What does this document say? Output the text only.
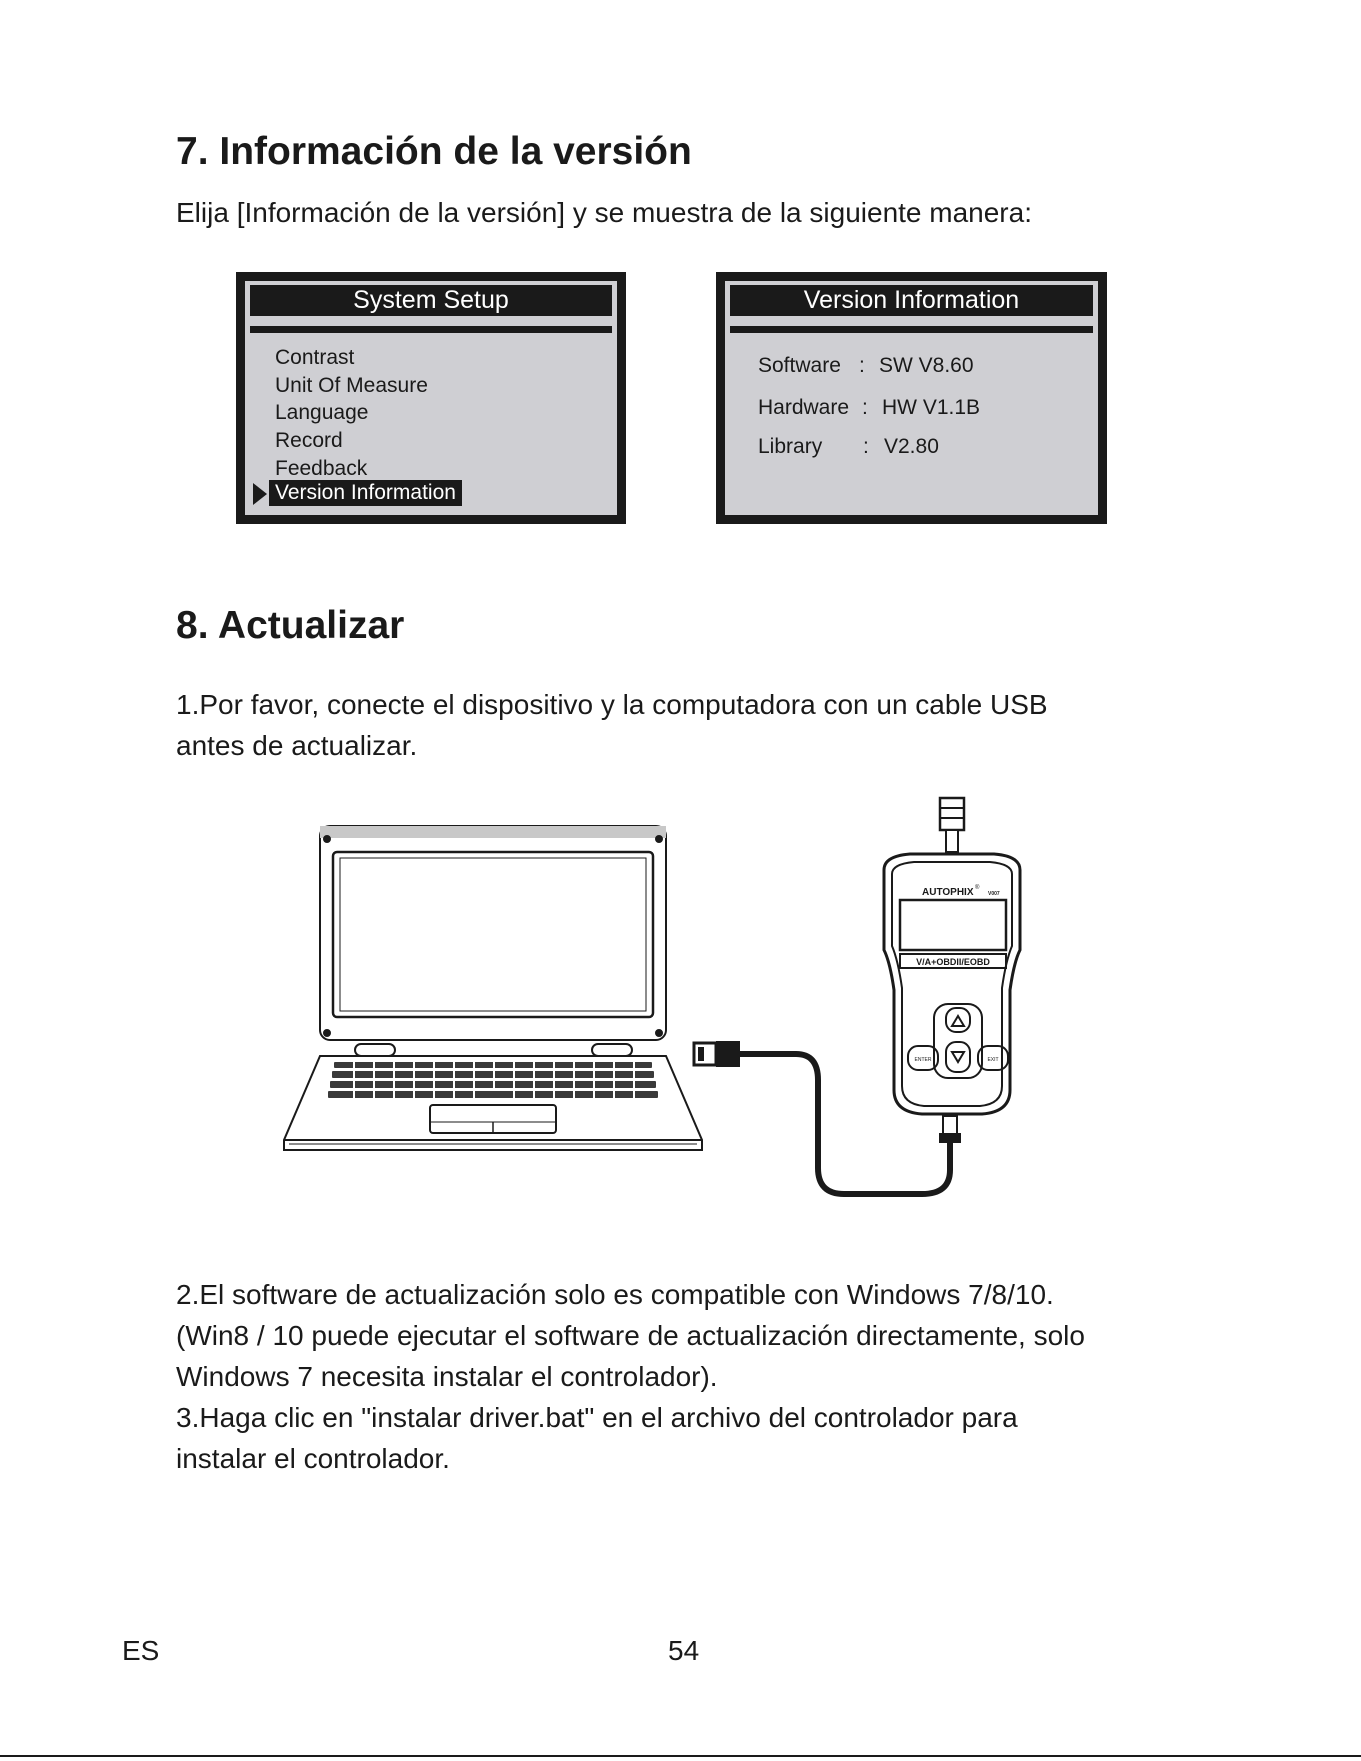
7. Información de la versión
Elija [Información de la versión] y se muestra de la siguiente manera:
System Setup
Contrast
Unit Of Measure
Language
Record
Feedback
Version Information
Version Information
Software : SW V8.60
Hardware : HW V1.1B
Library : V2.80
8. Actualizar
1.Por favor, conecte el dispositivo y la computadora con un cable USB
antes de actualizar.
AUTOPHIX ®
V007
V/A+OBDII/EOBD
ENTER	EXIT
2.El software de actualización solo es compatible con Windows 7/8/10.
(Win8 / 10 puede ejecutar el software de actualización directamente, solo
Windows 7 necesita instalar el controlador).
3.Haga clic en "instalar driver.bat" en el archivo del controlador para
instalar el controlador.
ES	54
